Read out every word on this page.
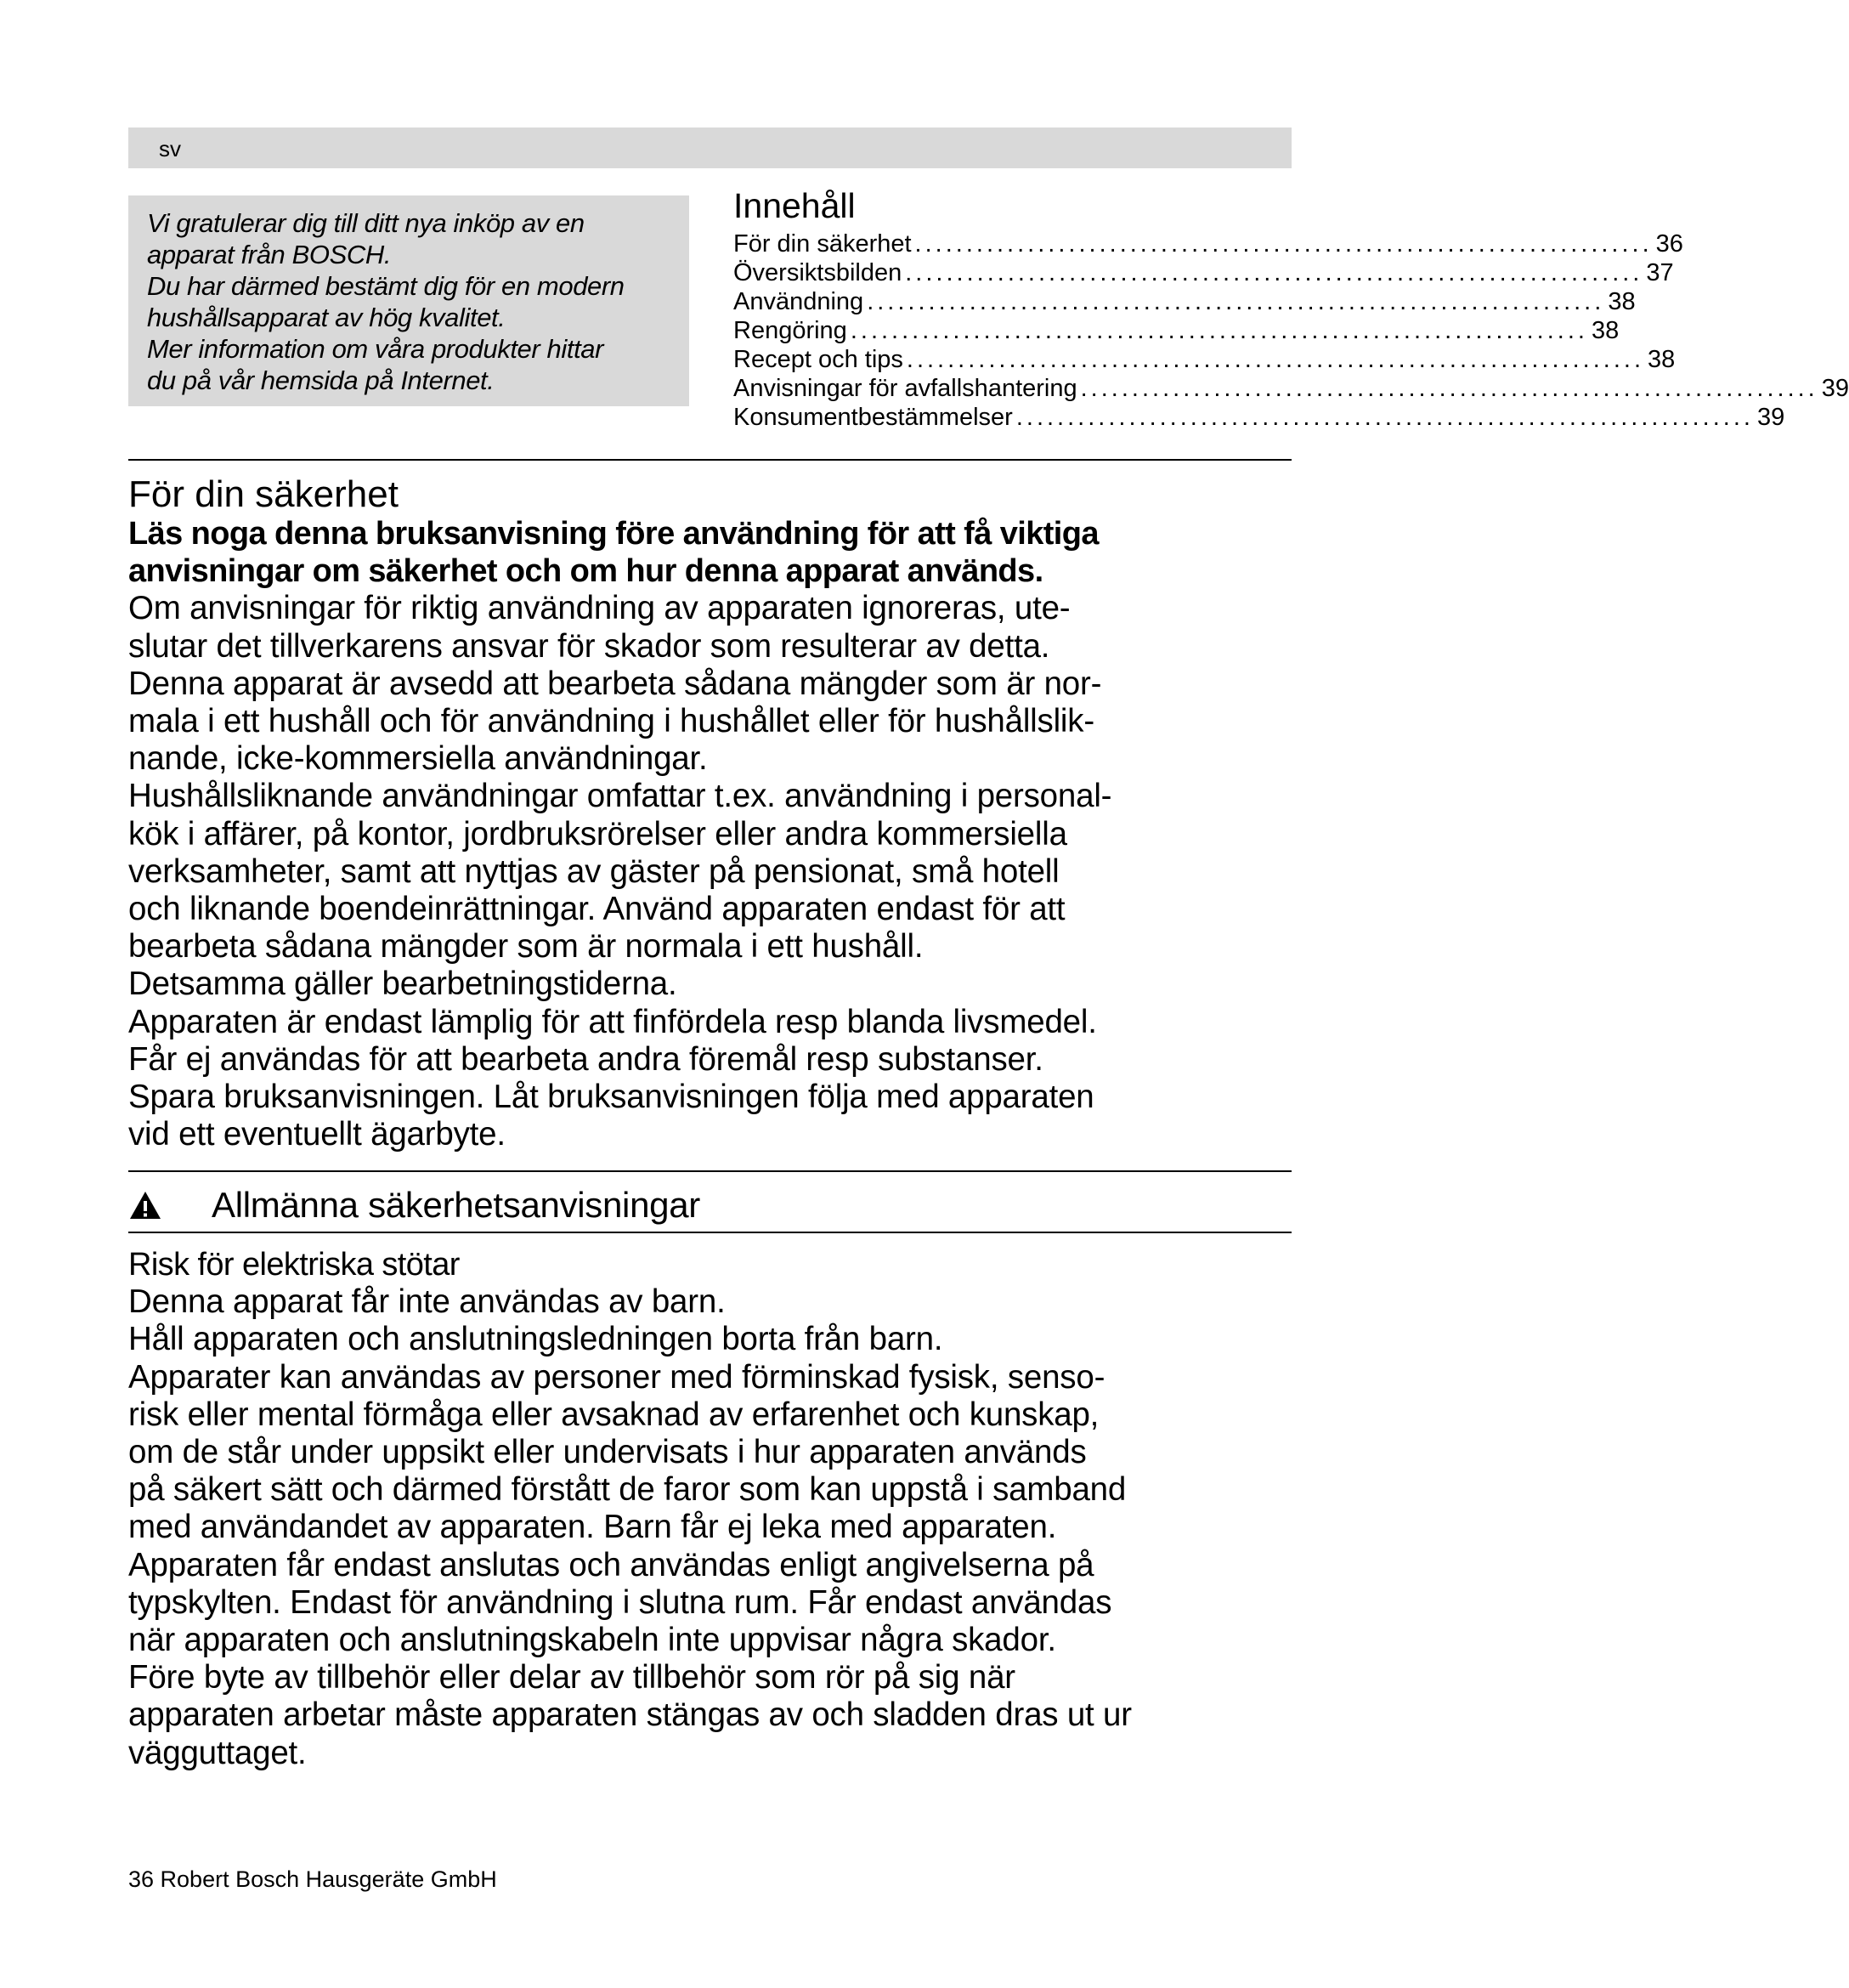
sv

Vi gratulerar dig till ditt nya inköp av en

apparat från BOSCH.

Du har därmed bestämt dig för en modern

hushållsapparat av hög kvalitet.

Mer information om våra produkter hittar

du på vår hemsida på Internet.

Innehåll
För din säkerhet ........................................................................ 36
Översiktsbilden ........................................................................ 37
Användning ........................................................................ 38
Rengöring ........................................................................ 38
Recept och tips ........................................................................ 38
Anvisningar för avfallshantering ........................................................................ 39
Konsumentbestämmelser ........................................................................ 39
För din säkerhet

Läs noga denna bruksanvisning före användning för att få viktiga

anvisningar om säkerhet och om hur denna apparat används.

Om anvisningar för riktig användning av apparaten ignoreras, ute-

slutar det tillverkarens ansvar för skador som resulterar av detta.

Denna apparat är avsedd att bearbeta sådana mängder som är nor-

mala i ett hushåll och för användning i hushållet eller för hushållslik-

nande, icke-kommersiella användningar.

Hushållsliknande användningar omfattar t.ex. användning i personal-

kök i affärer, på kontor, jordbruksrörelser eller andra kommersiella

verksamheter, samt att nyttjas av gäster på pensionat, små hotell

och liknande boendeinrättningar. Använd apparaten endast för att

bearbeta sådana mängder som är normala i ett hushåll.

Detsamma gäller bearbetningstiderna.

Apparaten är endast lämplig för att finfördela resp blanda livsmedel.

Får ej användas för att bearbeta andra föremål resp substanser.

Spara bruksanvisningen. Låt bruksanvisningen följa med apparaten

vid ett eventuellt ägarbyte.

Allmänna säkerhetsanvisningar

Risk för elektriska stötar

Denna apparat får inte användas av barn.

Håll apparaten och anslutningsledningen borta från barn.

Apparater kan användas av personer med förminskad fysisk, senso-

risk eller mental förmåga eller avsaknad av erfarenhet och kunskap,

om de står under uppsikt eller undervisats i hur apparaten används

på säkert sätt och därmed förstått de faror som kan uppstå i samband

med användandet av apparaten. Barn får ej leka med apparaten.

Apparaten får endast anslutas och användas enligt angivelserna på

typskylten. Endast för användning i slutna rum. Får endast användas

när apparaten och anslutningskabeln inte uppvisar några skador.

Före byte av tillbehör eller delar av tillbehör som rör på sig när

apparaten arbetar måste apparaten stängas av och sladden dras ut ur

vägguttaget.

36 Robert Bosch Hausgeräte GmbH
